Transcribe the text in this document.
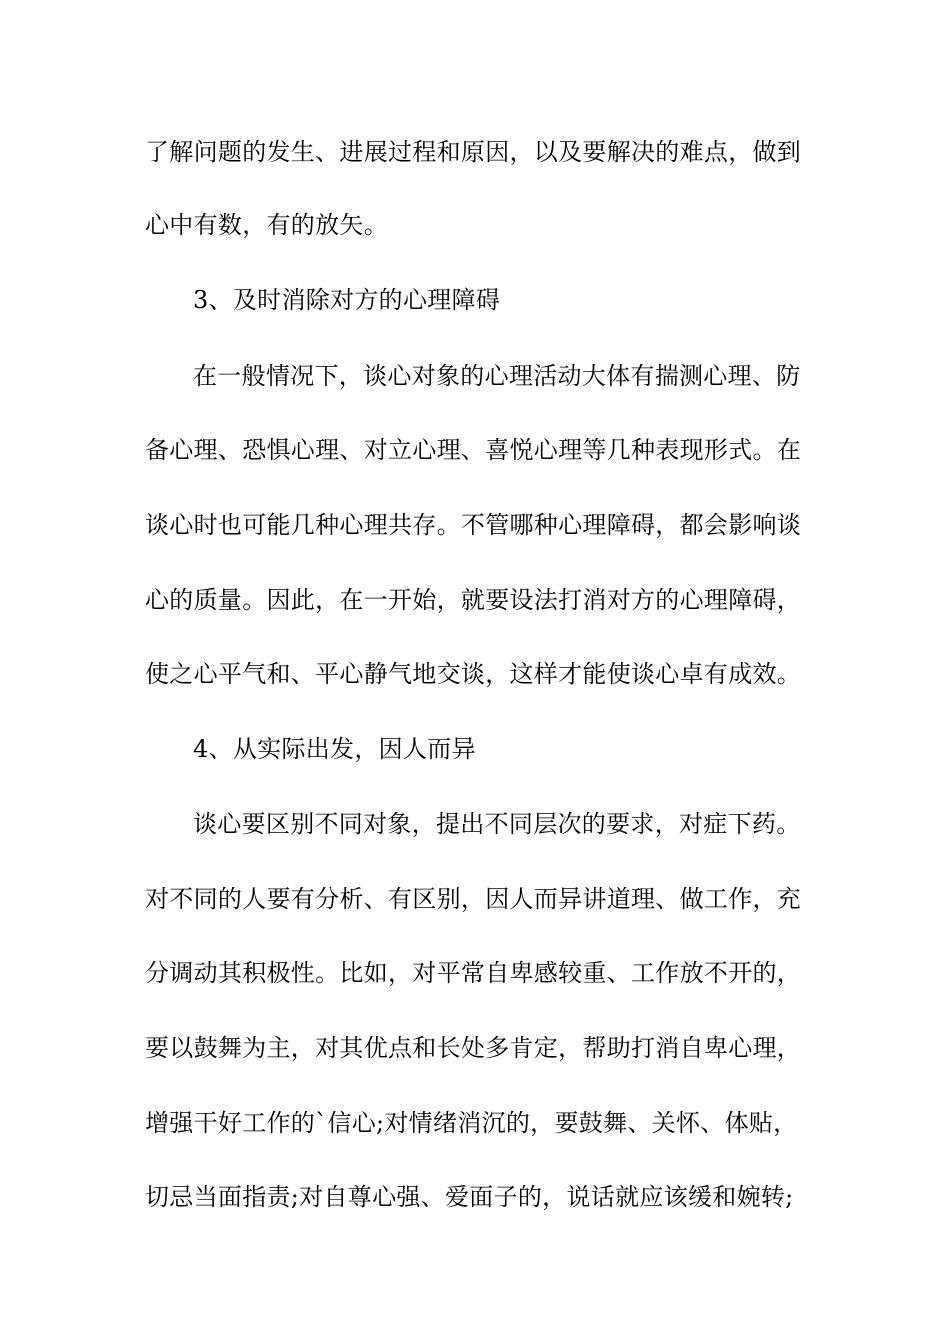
了解问题的发生、进展过程和原因，以及要解决的难点，做到
心中有数，有的放矢。
3、及时消除对方的心理障碍
在一般情况下，谈心对象的心理活动大体有揣测心理、防
备心理、恐惧心理、对立心理、喜悦心理等几种表现形式。在
谈心时也可能几种心理共存。不管哪种心理障碍，都会影响谈
心的质量。因此，在一开始，就要设法打消对方的心理障碍，
使之心平气和、平心静气地交谈，这样才能使谈心卓有成效。
4、从实际出发，因人而异
谈心要区别不同对象，提出不同层次的要求，对症下药。
对不同的人要有分析、有区别，因人而异讲道理、做工作，充
分调动其积极性。比如，对平常自卑感较重、工作放不开的，
要以鼓舞为主，对其优点和长处多肯定，帮助打消自卑心理，
增强干好工作的`信心;对情绪消沉的，要鼓舞、关怀、体贴，
切忌当面指责;对自尊心强、爱面子的，说话就应该缓和婉转;
